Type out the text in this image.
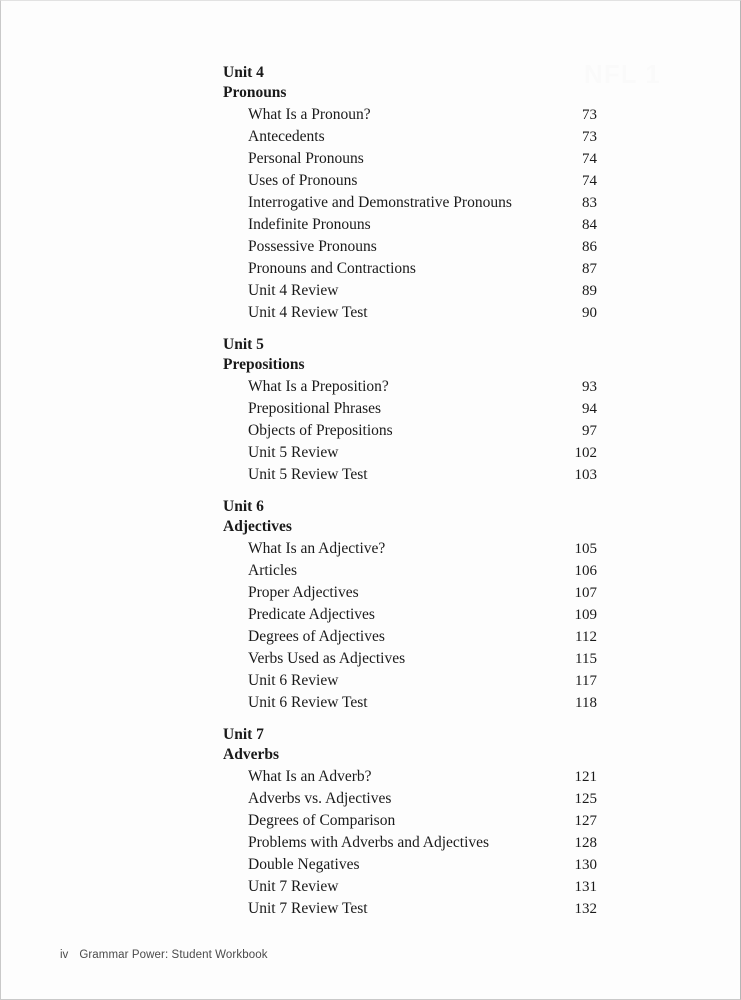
NFL 1
Unit 4
Pronouns
What Is a Pronoun?	73
Antecedents	73
Personal Pronouns	74
Uses of Pronouns	74
Interrogative and Demonstrative Pronouns	83
Indefinite Pronouns	84
Possessive Pronouns	86
Pronouns and Contractions	87
Unit 4 Review	89
Unit 4 Review Test	90
Unit 5
Prepositions
What Is a Preposition?	93
Prepositional Phrases	94
Objects of Prepositions	97
Unit 5 Review	102
Unit 5 Review Test	103
Unit 6
Adjectives
What Is an Adjective?	105
Articles	106
Proper Adjectives	107
Predicate Adjectives	109
Degrees of Adjectives	112
Verbs Used as Adjectives	115
Unit 6 Review	117
Unit 6 Review Test	118
Unit 7
Adverbs
What Is an Adverb?	121
Adverbs vs. Adjectives	125
Degrees of Comparison	127
Problems with Adverbs and Adjectives	128
Double Negatives	130
Unit 7 Review	131
Unit 7 Review Test	132
iv Grammar Power: Student Workbook
